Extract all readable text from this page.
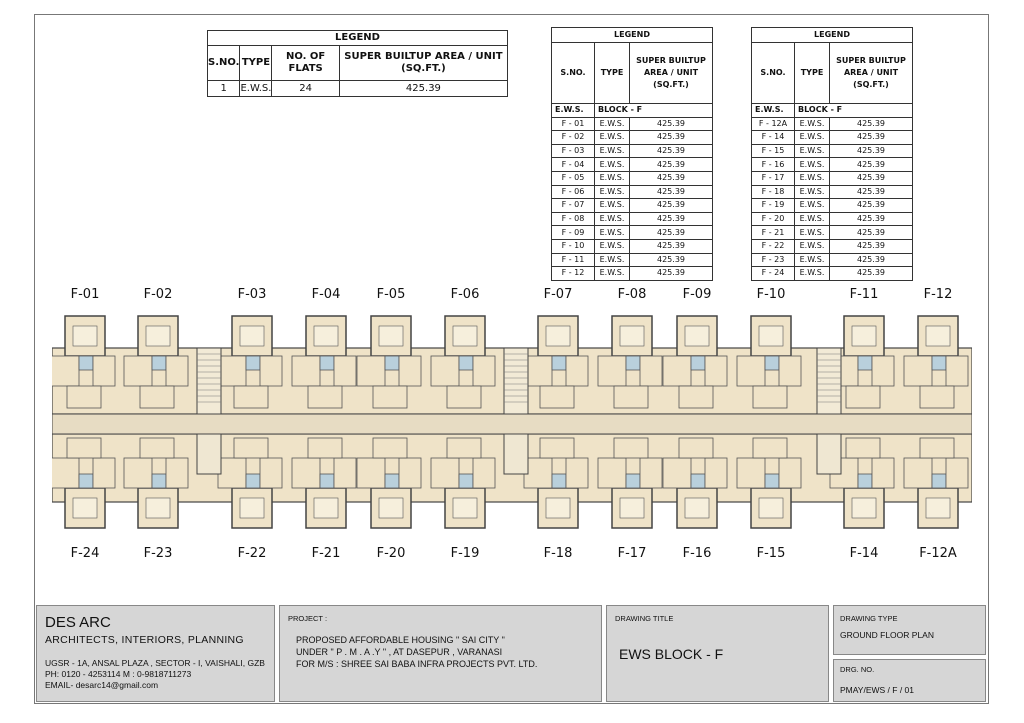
LEGEND			
S.NO.	TYPE	NO. OF FLATS	SUPER BUILTUP AREA / UNIT (SQ.FT.)
1	E.W.S.	24	425.39
LEGEND		
S.NO.	TYPE	SUPER BUILTUP AREA / UNIT (SQ.FT.)
E.W.S.	BLOCK - F	
F - 01	E.W.S.	425.39
F - 02	E.W.S.	425.39
F - 03	E.W.S.	425.39
F - 04	E.W.S.	425.39
F - 05	E.W.S.	425.39
F - 06	E.W.S.	425.39
F - 07	E.W.S.	425.39
F - 08	E.W.S.	425.39
F - 09	E.W.S.	425.39
F - 10	E.W.S.	425.39
F - 11	E.W.S.	425.39
F - 12	E.W.S.	425.39
LEGEND		
S.NO.	TYPE	SUPER BUILTUP AREA / UNIT (SQ.FT.)
E.W.S.	BLOCK - F	
F - 12A	E.W.S.	425.39
F - 14	E.W.S.	425.39
F - 15	E.W.S.	425.39
F - 16	E.W.S.	425.39
F - 17	E.W.S.	425.39
F - 18	E.W.S.	425.39
F - 19	E.W.S.	425.39
F - 20	E.W.S.	425.39
F - 21	E.W.S.	425.39
F - 22	E.W.S.	425.39
F - 23	E.W.S.	425.39
F - 24	E.W.S.	425.39
F-01	F-02	F-03	F-04	F-05	F-06	F-07	F-08	F-09	F-10	F-11	F-12
F-24	F-23	F-22	F-21	F-20	F-19	F-18	F-17	F-16	F-15	F-14	F-12A
DES ARC
ARCHITECTS, INTERIORS, PLANNING
UGSR - 1A, ANSAL PLAZA , SECTOR - I, VAISHALI, GZB
PH: 0120 - 4253114 M : 0-9818711273
EMAIL- desarc14@gmail.com
PROJECT :
PROPOSED AFFORDABLE HOUSING " SAI CITY "
UNDER " P . M . A .Y " , AT DASEPUR , VARANASI
FOR M/S : SHREE SAI BABA INFRA PROJECTS PVT. LTD.
DRAWING TITLE
EWS BLOCK - F
DRAWING TYPE
GROUND FLOOR PLAN
DRG. NO.
PMAY/EWS / F / 01
